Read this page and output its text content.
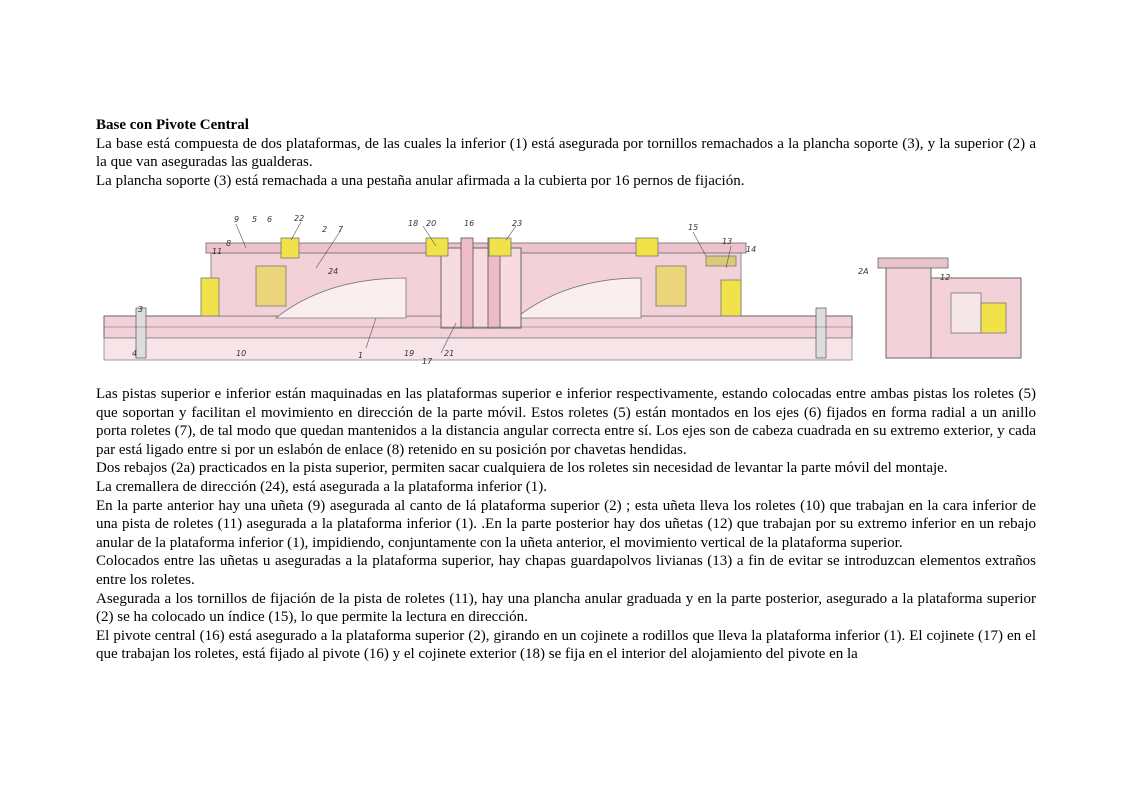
Base con Pivote Central
La base está compuesta de dos plataformas, de las cuales la inferior (1) está asegurada por tornillos remachados a la plancha soporte (3), y la superior (2) a la que van aseguradas las gualderas.
La plancha soporte (3) está remachada a una pestaña anular afirmada a la cubierta por 16 pernos de fijación.
9 5 6	22
2 7
11
8
24
3
4	10	1
18 20	16	23
19
17
21
15
13
14
2A
12
Las pistas superior e inferior están maquinadas en las plataformas superior e inferior respectivamente, estando colocadas entre ambas pistas los roletes (5) que soportan y facilitan el movimiento en dirección de la parte móvil. Estos roletes (5) están montados en los ejes (6) fijados en forma radial a un anillo porta roletes (7), de tal modo que quedan mantenidos a la distancia angular correcta entre sí. Los ejes son de cabeza cuadrada en su extremo exterior, y cada par está ligado entre si por un eslabón de enlace (8) retenido en su posición por chavetas hendidas.
Dos rebajos (2a) practicados en la pista superior, permiten sacar cualquiera de los roletes sin necesidad de levantar la parte móvil del montaje.
La cremallera de dirección (24), está asegurada a la plataforma inferior (1).
En la parte anterior hay una uñeta (9) asegurada al canto de lá plataforma superior (2) ; esta uñeta lleva los roletes (10) que trabajan en la cara inferior de una pista de roletes (11) asegurada a la plataforma inferior (1). .En la parte posterior hay dos uñetas (12) que trabajan por su extremo inferior en un rebajo anular de la plataforma inferior (1), impidiendo, conjuntamente con la uñeta anterior, el movimiento vertical de la plataforma superior.
Colocados entre las uñetas u aseguradas a la plataforma superior, hay chapas guardapolvos livianas (13) a fin de evitar se introduzcan elementos extraños entre los roletes.
Asegurada a los tornillos de fijación de la pista de roletes (11), hay una plancha anular graduada y en la parte posterior, asegurado a la plataforma superior (2) se ha colocado un índice (15), lo que permite la lectura en dirección.
El pivote central (16) está asegurado a la plataforma superior (2), girando en un cojinete a rodillos que lleva la plataforma inferior (1). El cojinete (17) en el que trabajan los roletes, está fijado al pivote (16) y el cojinete exterior (18) se fija en el interior del alojamiento del pivote en la
